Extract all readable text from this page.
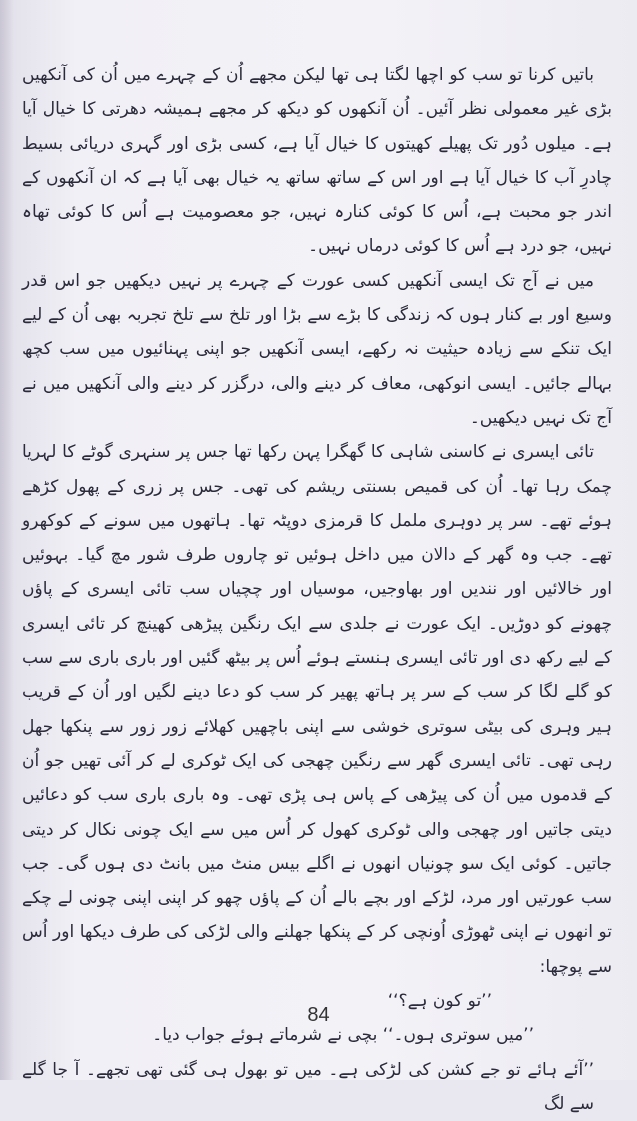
باتیں کرنا تو سب کو اچھا لگتا ہی تھا لیکن مجھے اُن کے چہرے میں اُن کی آنکھیں بڑی غیر معمولی نظر آئیں۔ اُن آنکھوں کو دیکھ کر مجھے ہمیشہ دھرتی کا خیال آیا ہے۔ میلوں دُور تک پھیلے کھیتوں کا خیال آیا ہے، کسی بڑی اور گہری دریائی بسیط چادرِ آب کا خیال آیا ہے اور اس کے ساتھ ساتھ یہ خیال بھی آیا ہے کہ ان آنکھوں کے اندر جو محبت ہے، اُس کا کوئی کنارہ نہیں، جو معصومیت ہے اُس کا کوئی تھاہ نہیں، جو درد ہے اُس کا کوئی درماں نہیں۔

میں نے آج تک ایسی آنکھیں کسی عورت کے چہرے پر نہیں دیکھیں جو اس قدر وسیع اور بے کنار ہوں کہ زندگی کا بڑے سے بڑا اور تلخ سے تلخ تجربہ بھی اُن کے لیے ایک تنکے سے زیادہ حیثیت نہ رکھے، ایسی آنکھیں جو اپنی پہنائیوں میں سب کچھ بہالے جائیں۔ ایسی انوکھی، معاف کر دینے والی، درگزر کر دینے والی آنکھیں میں نے آج تک نہیں دیکھیں۔

تائی ایسری نے کاسنی شاہی کا گھگرا پہن رکھا تھا جس پر سنہری گوٹے کا لہریا چمک رہا تھا۔ اُن کی قمیص بسنتی ریشم کی تھی۔ جس پر زری کے پھول کڑھے ہوئے تھے۔ سر پر دوہری ململ کا قرمزی دوپٹہ تھا۔ ہاتھوں میں سونے کے کوکھرو تھے۔ جب وہ گھر کے دالان میں داخل ہوئیں تو چاروں طرف شور مچ گیا۔ بہوئیں اور خالائیں اور نندیں اور بھاوجیں، موسیاں اور چچیاں سب تائی ایسری کے پاؤں چھونے کو دوڑیں۔ ایک عورت نے جلدی سے ایک رنگین پیڑھی کھینچ کر تائی ایسری کے لیے رکھ دی اور تائی ایسری ہنستے ہوئے اُس پر بیٹھ گئیں اور باری باری سے سب کو گلے لگا کر سب کے سر پر ہاتھ پھیر کر سب کو دعا دینے لگیں اور اُن کے قریب ہیر وہری کی بیٹی سوتری خوشی سے اپنی باچھیں کھلائے زور زور سے پنکھا جھل رہی تھی۔ تائی ایسری گھر سے رنگین چھجی کی ایک ٹوکری لے کر آئی تھیں جو اُن کے قدموں میں اُن کی پیڑھی کے پاس ہی پڑی تھی۔ وہ باری باری سب کو دعائیں دیتی جاتیں اور چھجی والی ٹوکری کھول کر اُس میں سے ایک چونی نکال کر دیتی جاتیں۔ کوئی ایک سو چونیاں انھوں نے اگلے بیس منٹ میں بانٹ دی ہوں گی۔ جب سب عورتیں اور مرد، لڑکے اور بچے بالے اُن کے پاؤں چھو کر اپنی اپنی چونی لے چکے تو انھوں نے اپنی ٹھوڑی اُونچی کر کے پنکھا جھلنے والی لڑکی کی طرف دیکھا اور اُس سے پوچھا:

’’تو کون ہے؟‘‘

’’میں سوتری ہوں۔‘‘ بچی نے شرماتے ہوئے جواب دیا۔

’’آئے ہائے تو جے کشن کی لڑکی ہے۔ میں تو بھول ہی گئی تھی تجھے۔ آ جا گلے سے لگ

84
